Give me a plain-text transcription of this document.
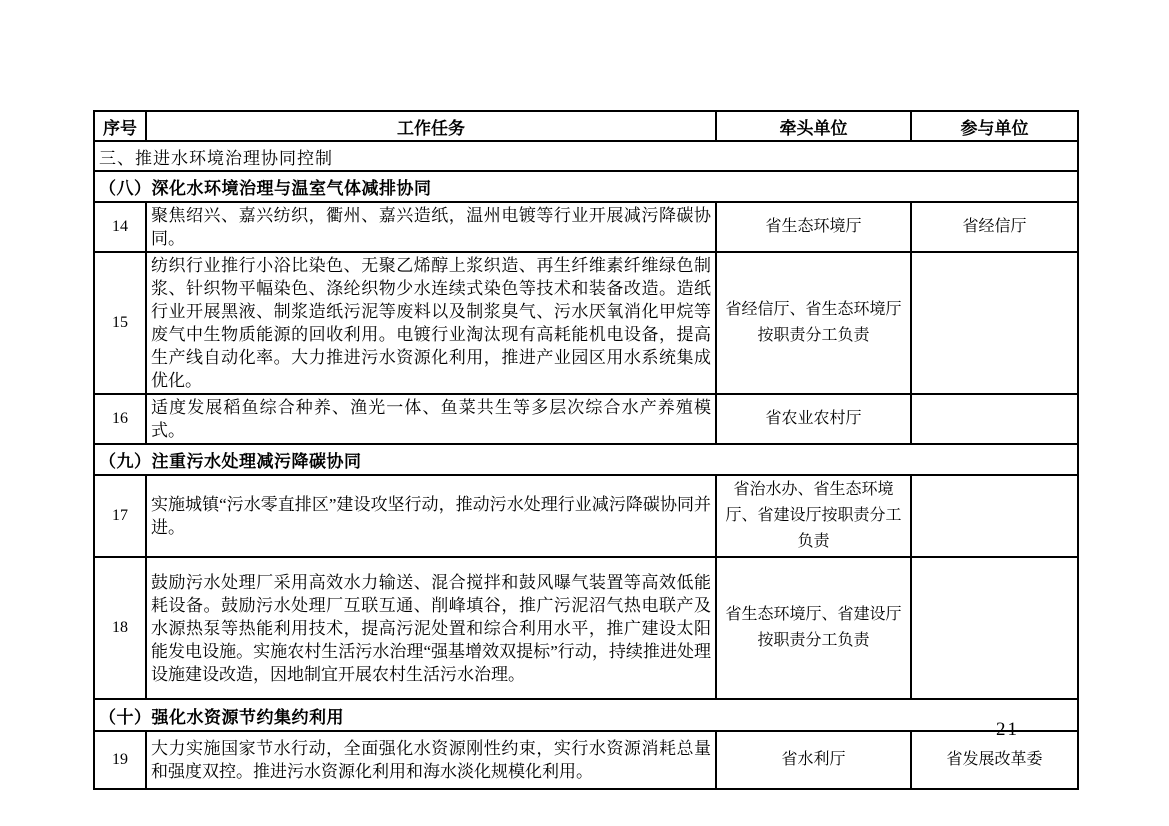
序号	工作任务	牵头单位	参与单位
三、推进水环境治理协同控制			
（八）深化水环境治理与温室气体减排协同			
14	聚焦绍兴、嘉兴纺织，衢州、嘉兴造纸，温州电镀等行业开展减污降碳协同。	省生态环境厅	省经信厅
15	纺织行业推行小浴比染色、无聚乙烯醇上浆织造、再生纤维素纤维绿色制浆、针织物平幅染色、涤纶织物少水连续式染色等技术和装备改造。造纸行业开展黑液、制浆造纸污泥等废料以及制浆臭气、污水厌氧消化甲烷等废气中生物质能源的回收利用。电镀行业淘汰现有高耗能机电设备，提高生产线自动化率。大力推进污水资源化利用，推进产业园区用水系统集成优化。	省经信厅、省生态环境厅按职责分工负责	
16	适度发展稻鱼综合种养、渔光一体、鱼菜共生等多层次综合水产养殖模式。	省农业农村厅	
（九）注重污水处理减污降碳协同			
17	实施城镇“污水零直排区”建设攻坚行动，推动污水处理行业减污降碳协同并进。	省治水办、省生态环境厅、省建设厅按职责分工负责	
18	鼓励污水处理厂采用高效水力输送、混合搅拌和鼓风曝气装置等高效低能耗设备。鼓励污水处理厂互联互通、削峰填谷，推广污泥沼气热电联产及水源热泵等热能利用技术，提高污泥处置和综合利用水平，推广建设太阳能发电设施。实施农村生活污水治理“强基增效双提标”行动，持续推进处理设施建设改造，因地制宜开展农村生活污水治理。	省生态环境厅、省建设厅按职责分工负责	
（十）强化水资源节约集约利用			
19	大力实施国家节水行动，全面强化水资源刚性约束，实行水资源消耗总量和强度双控。推进污水资源化利用和海水淡化规模化利用。	省水利厅	省发展改革委
— 21 —
